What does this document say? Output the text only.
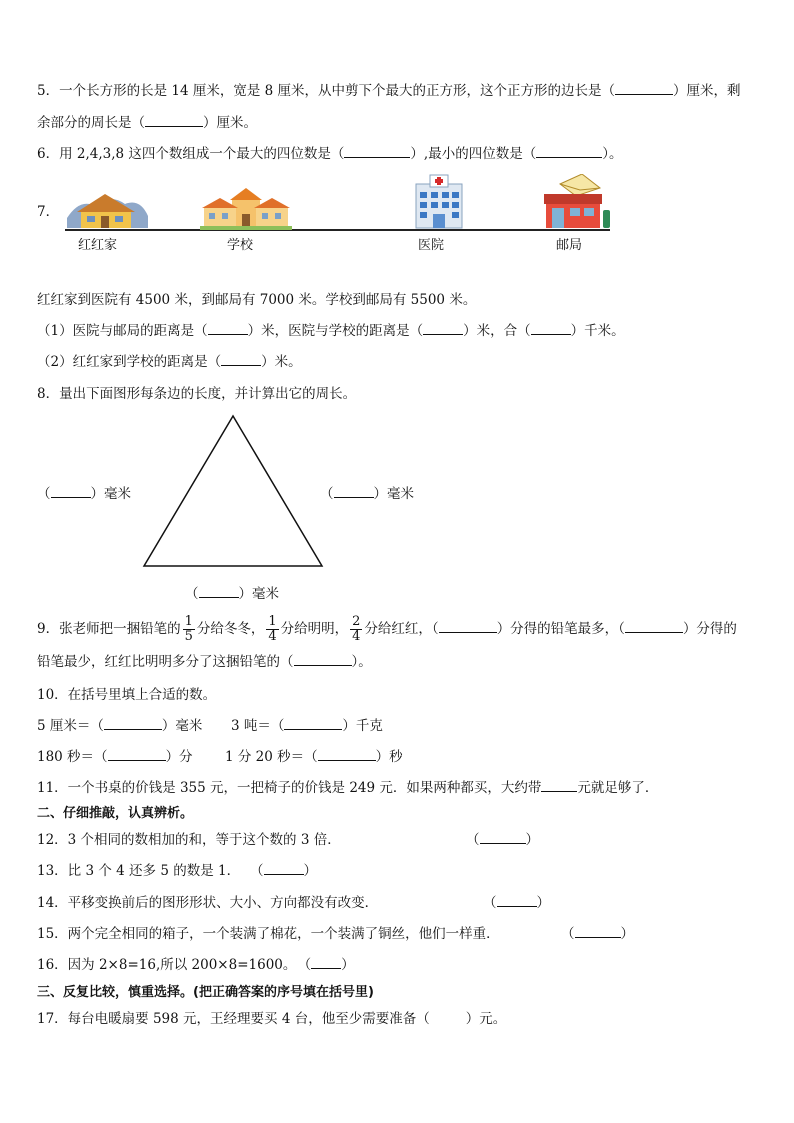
5．一个长方形的长是 14 厘米，宽是 8 厘米，从中剪下个最大的正方形，这个正方形的边长是（	）厘米，剩
余部分的周长是（	）厘米。
6．用 2,4,3,8 这四个数组成一个最大的四位数是（	）,最小的四位数是（	）。
7．
红红家	学校	医院	邮局
红红家到医院有 4500 米，到邮局有 7000 米。学校到邮局有 5500 米。
（1）医院与邮局的距离是（	）米，医院与学校的距离是（	）米，合（	）千米。
（2）红红家到学校的距离是（	）米。
8．量出下面图形每条边的长度，并计算出它的周长。
（	）毫米	（	）毫米
（	）毫米
9．张老师把一捆铅笔的 $\frac{1}{5}$ 分给冬冬， $\frac{1}{4}$ 分给明明， $\frac{2}{4}$ 分给红红，（	）分得的铅笔最多，（	）分得的
铅笔最少，红红比明明多分了这捆铅笔的（	）。
10．在括号里填上合适的数。
5 厘米＝（	）毫米 3 吨＝（	）千克
180 秒＝（	）分 1 分 20 秒＝（	）秒
11．一个书桌的价钱是 355 元，一把椅子的价钱是 249 元．如果两种都买，大约带	元就足够了．
二、仔细推敲，认真辨析。
12．3 个相同的数相加的和，等于这个数的 3 倍．	（	）
13．比 3 个 4 还多 5 的数是 1． （	）
14．平移变换前后的图形形状、大小、方向都没有改变．	（	）
15．两个完全相同的箱子，一个装满了棉花，一个装满了铜丝，他们一样重．	（	）
16．因为 2×8=16,所以 200×8=1600。 （ ）
三、反复比较，慎重选择。(把正确答案的序号填在括号里)
17．每台电暖扇要 598 元，王经理要买 4 台，他至少需要准备（	）元。
